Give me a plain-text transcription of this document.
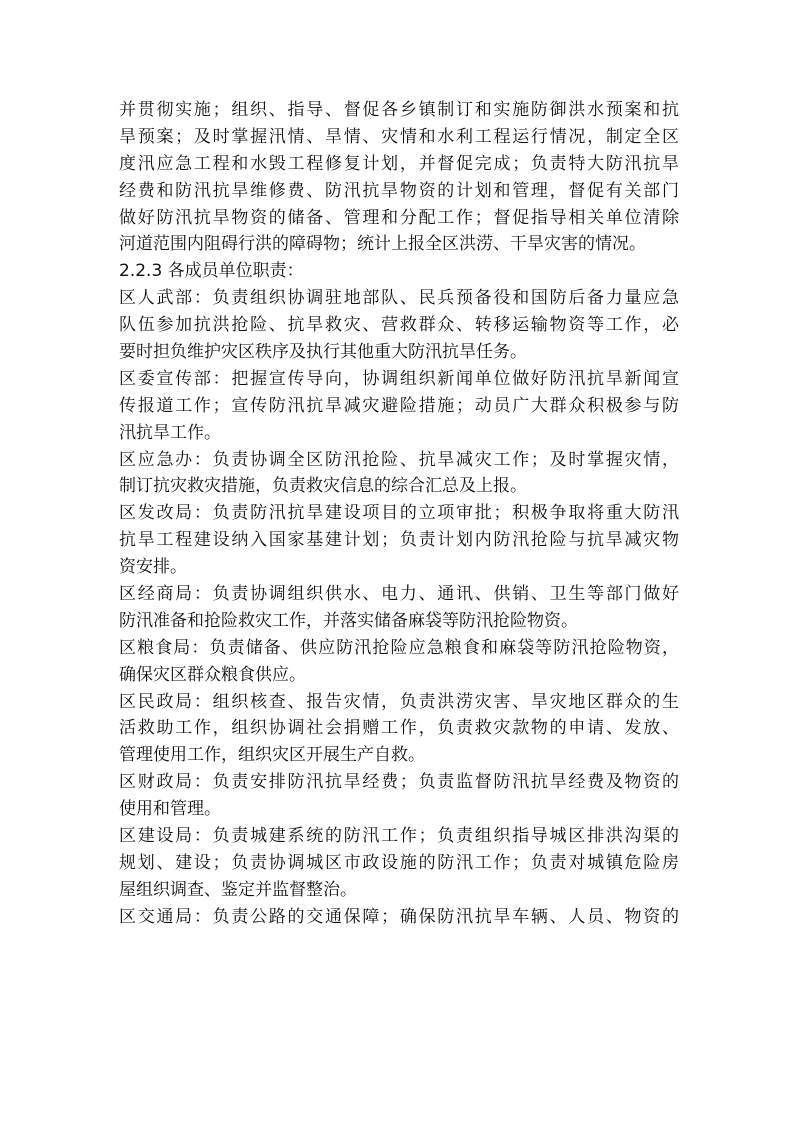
并贯彻实施；组织、指导、督促各乡镇制订和实施防御洪水预案和抗
旱预案；及时掌握汛情、旱情、灾情和水利工程运行情况，制定全区
度汛应急工程和水毁工程修复计划，并督促完成；负责特大防汛抗旱
经费和防汛抗旱维修费、防汛抗旱物资的计划和管理，督促有关部门
做好防汛抗旱物资的储备、管理和分配工作；督促指导相关单位清除
河道范围内阻碍行洪的障碍物；统计上报全区洪涝、干旱灾害的情况。
2.2.3 各成员单位职责：
区人武部：负责组织协调驻地部队、民兵预备役和国防后备力量应急
队伍参加抗洪抢险、抗旱救灾、营救群众、转移运输物资等工作，必
要时担负维护灾区秩序及执行其他重大防汛抗旱任务。
区委宣传部：把握宣传导向，协调组织新闻单位做好防汛抗旱新闻宣
传报道工作；宣传防汛抗旱减灾避险措施；动员广大群众积极参与防
汛抗旱工作。
区应急办：负责协调全区防汛抢险、抗旱减灾工作；及时掌握灾情，
制订抗灾救灾措施，负责救灾信息的综合汇总及上报。
区发改局：负责防汛抗旱建设项目的立项审批；积极争取将重大防汛
抗旱工程建设纳入国家基建计划；负责计划内防汛抢险与抗旱减灾物
资安排。
区经商局：负责协调组织供水、电力、通讯、供销、卫生等部门做好
防汛准备和抢险救灾工作，并落实储备麻袋等防汛抢险物资。
区粮食局：负责储备、供应防汛抢险应急粮食和麻袋等防汛抢险物资，
确保灾区群众粮食供应。
区民政局：组织核查、报告灾情，负责洪涝灾害、旱灾地区群众的生
活救助工作，组织协调社会捐赠工作，负责救灾款物的申请、发放、
管理使用工作，组织灾区开展生产自救。
区财政局：负责安排防汛抗旱经费；负责监督防汛抗旱经费及物资的
使用和管理。
区建设局：负责城建系统的防汛工作；负责组织指导城区排洪沟渠的
规划、建设；负责协调城区市政设施的防汛工作；负责对城镇危险房
屋组织调查、鉴定并监督整治。
区交通局：负责公路的交通保障；确保防汛抗旱车辆、人员、物资的
